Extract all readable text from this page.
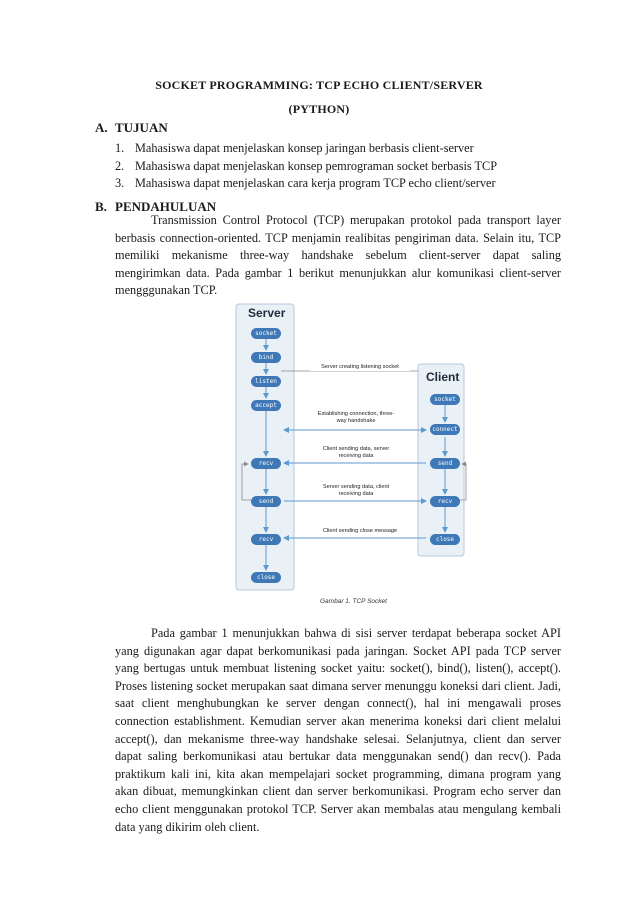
SOCKET PROGRAMMING: TCP ECHO CLIENT/SERVER
(PYTHON)
A. TUJUAN
1. Mahasiswa dapat menjelaskan konsep jaringan berbasis client-server
2. Mahasiswa dapat menjelaskan konsep pemrograman socket berbasis TCP
3. Mahasiswa dapat menjelaskan cara kerja program TCP echo client/server
B. PENDAHULUAN
Transmission Control Protocol (TCP) merupakan protokol pada transport layer berbasis connection-oriented. TCP menjamin realibitas pengiriman data. Selain itu, TCP memiliki mekanisme three-way handshake sebelum client-server dapat saling mengirimkan data. Pada gambar 1 berikut menunjukkan alur komunikasi client-server mengggunakan TCP.
Server
Client
socket
bind
listen
accept
recv
send
recv
close
socket
connect
send
recv
close
Server creating listening socket
Establishing connection, three-way handshake
Client sending data, server receiving data
Server sending data, client receiving data
Client sending close message
Gambar 1. TCP Socket
Pada gambar 1 menunjukkan bahwa di sisi server terdapat beberapa socket API yang digunakan agar dapat berkomunikasi pada jaringan. Socket API pada TCP server yang bertugas untuk membuat listening socket yaitu: socket(), bind(), listen(), accept(). Proses listening socket merupakan saat dimana server menunggu koneksi dari client. Jadi, saat client menghubungkan ke server dengan connect(), hal ini mengawali proses connection establishment. Kemudian server akan menerima koneksi dari client melalui accept(), dan mekanisme three-way handshake selesai. Selanjutnya, client dan server dapat saling berkomunikasi atau bertukar data menggunakan send() dan recv(). Pada praktikum kali ini, kita akan mempelajari socket programming, dimana program yang akan dibuat, memungkinkan client dan server berkomunikasi. Program echo server dan echo client menggunakan protokol TCP. Server akan membalas atau mengulang kembali data yang dikirim oleh client.
